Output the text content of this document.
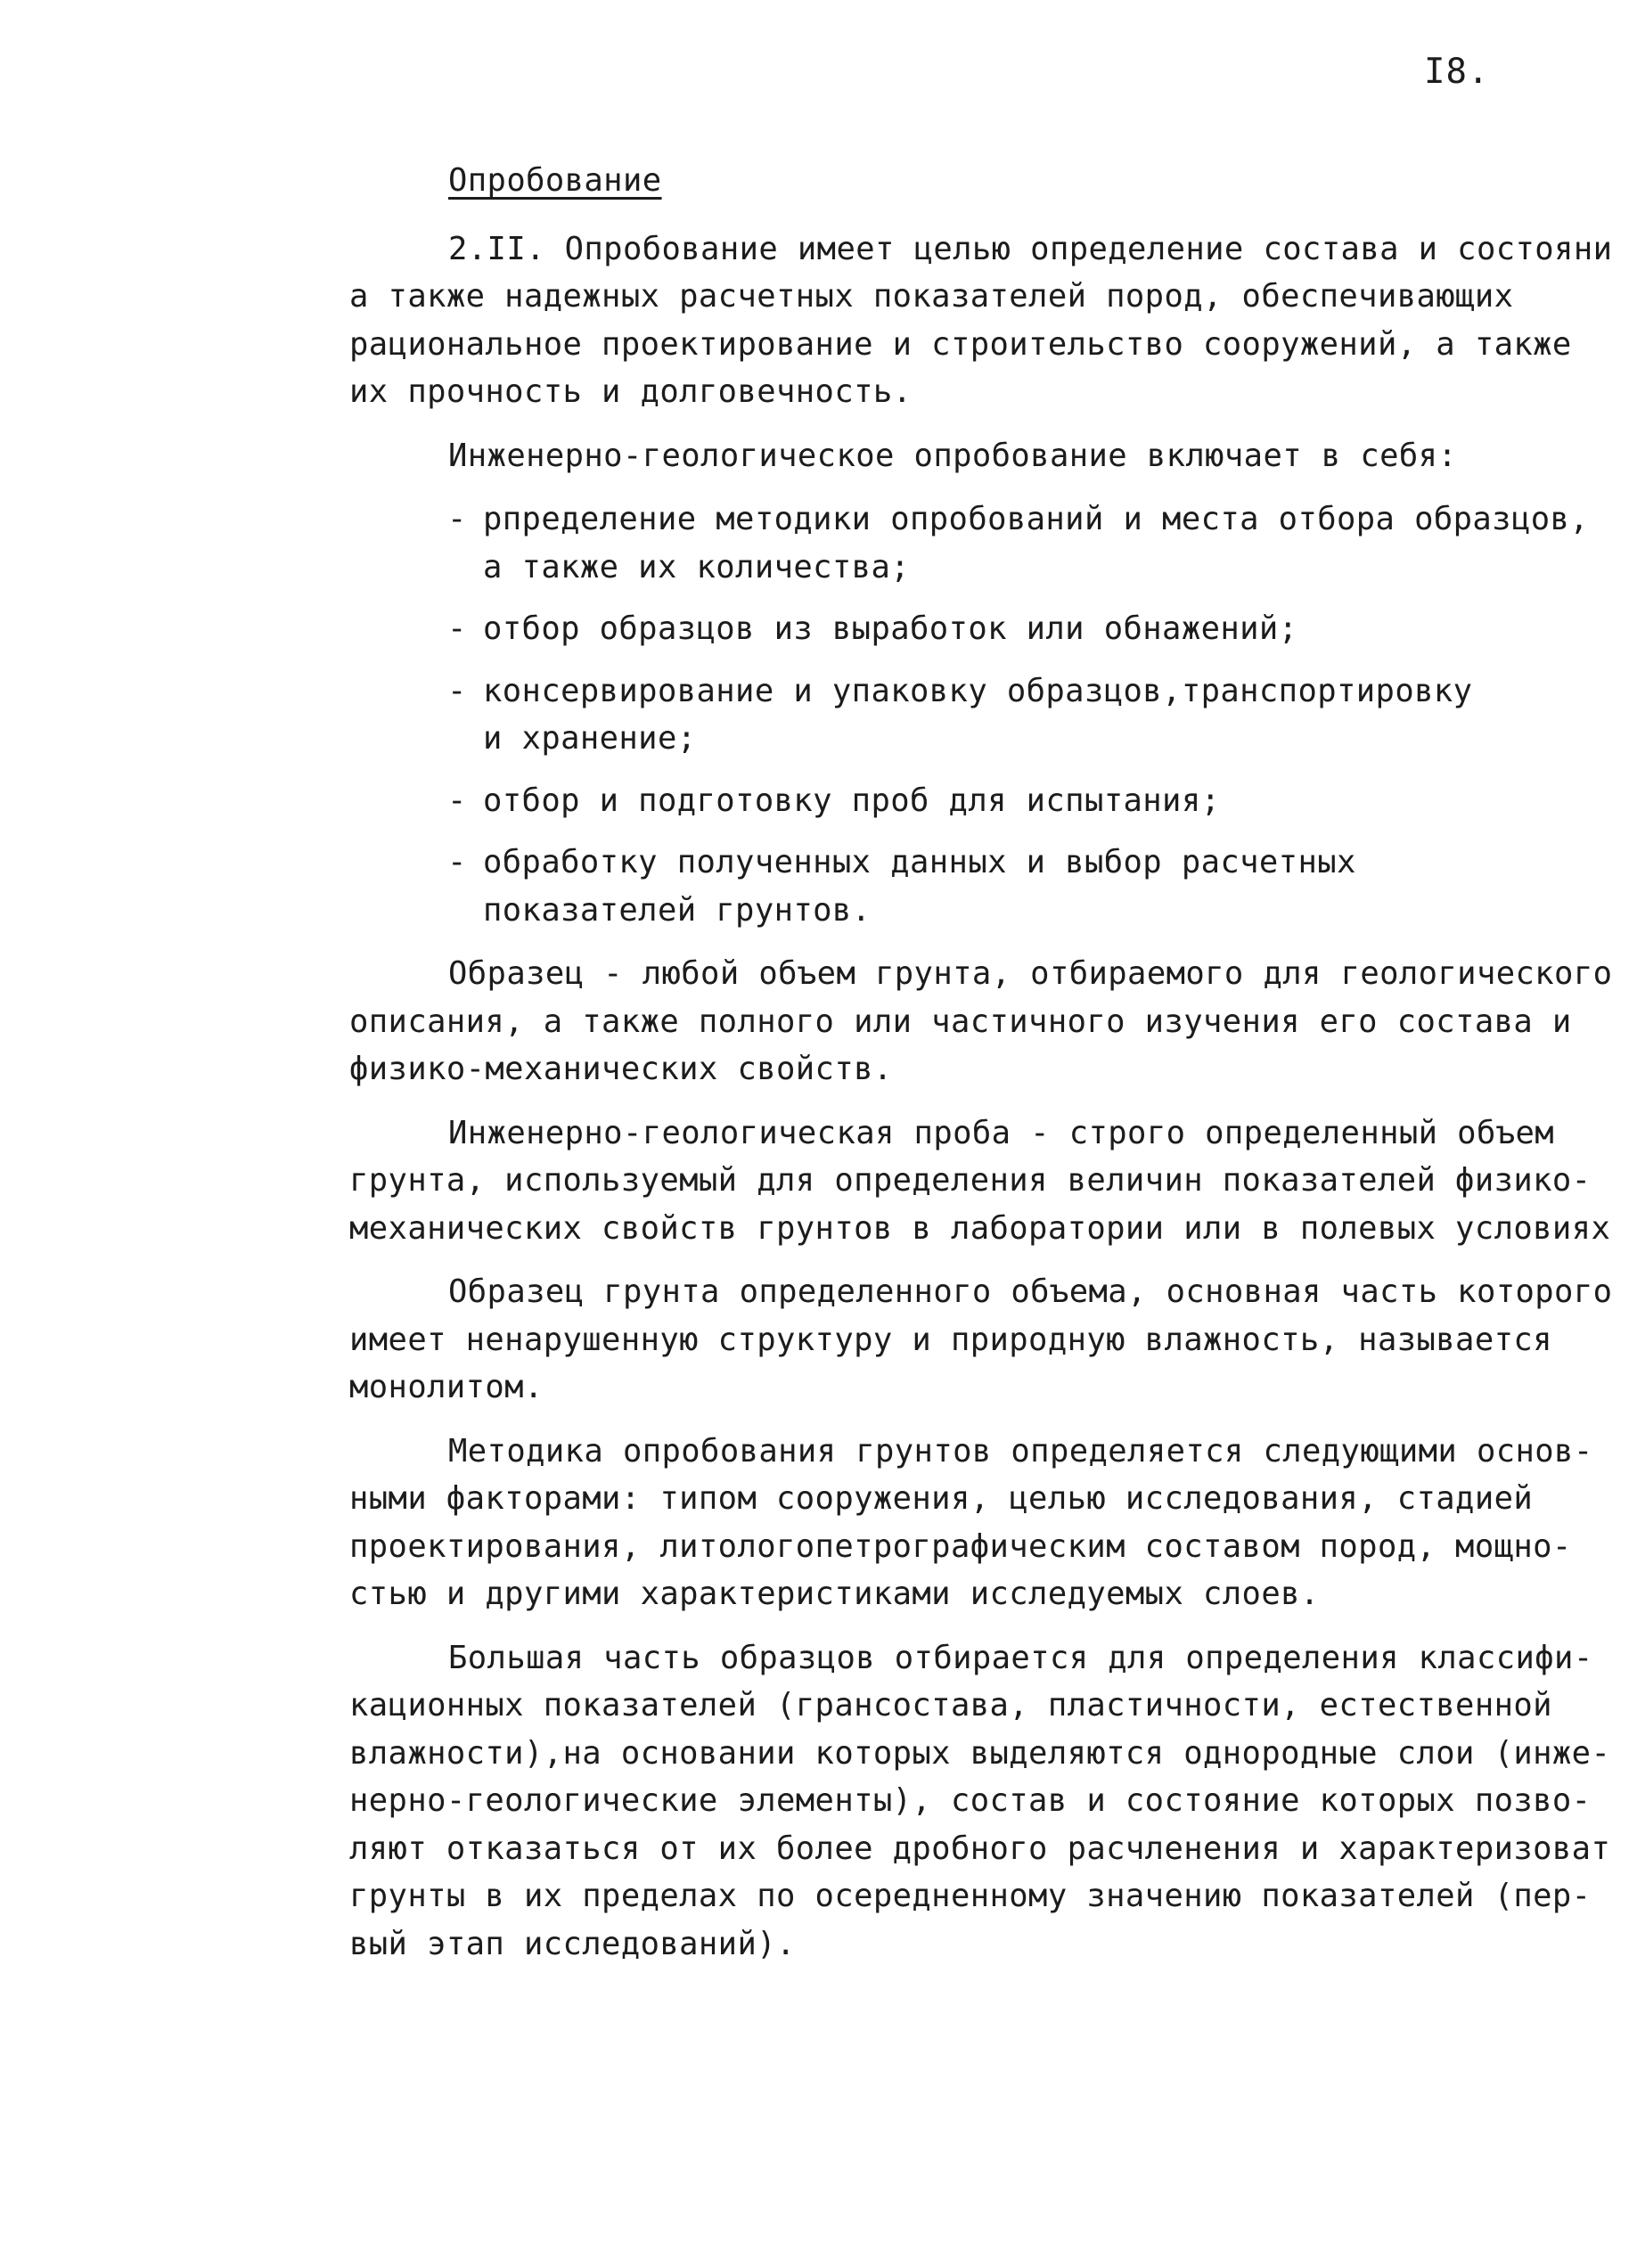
I8.
Опробование
2.II. Опробование имеет целью определение состава и состояни
а также надежных расчетных показателей пород, обеспечивающих
рациональное проектирование и строительство сооружений, а также
их прочность и долговечность.
Инженерно-геологическое опробование включает в себя:
- рпределение методики опробований и места отбора образцов,
а также их количества;
- отбор образцов из выработок или обнажений;
- консервирование и упаковку образцов,транспортировку
и хранение;
- отбор и подготовку проб для испытания;
- обработку полученных данных и выбор расчетных
показателей грунтов.
Образец - любой объем грунта, отбираемого для геологического
описания, а также полного или частичного изучения его состава и
физико-механических свойств.
Инженерно-геологическая проба - строго определенный объем
грунта, используемый для определения величин показателей физико-
механических свойств грунтов в лаборатории или в полевых условиях
Образец грунта определенного объема, основная часть которого
имеет ненарушенную структуру и природную влажность, называется
монолитом.
Методика опробования грунтов определяется следующими основ-
ными факторами: типом сооружения, целью исследования, стадией
проектирования, литологопетрографическим составом пород, мощно-
стью и другими характеристиками исследуемых слоев.
Большая часть образцов отбирается для определения классифи-
кационных показателей (грансостава, пластичности, естественной
влажности),на основании которых выделяются однородные слои (инже-
нерно-геологические элементы), состав и состояние которых позво-
ляют отказаться от их более дробного расчленения и характеризоват
грунты в их пределах по осередненному значению показателей (пер-
вый этап исследований).
